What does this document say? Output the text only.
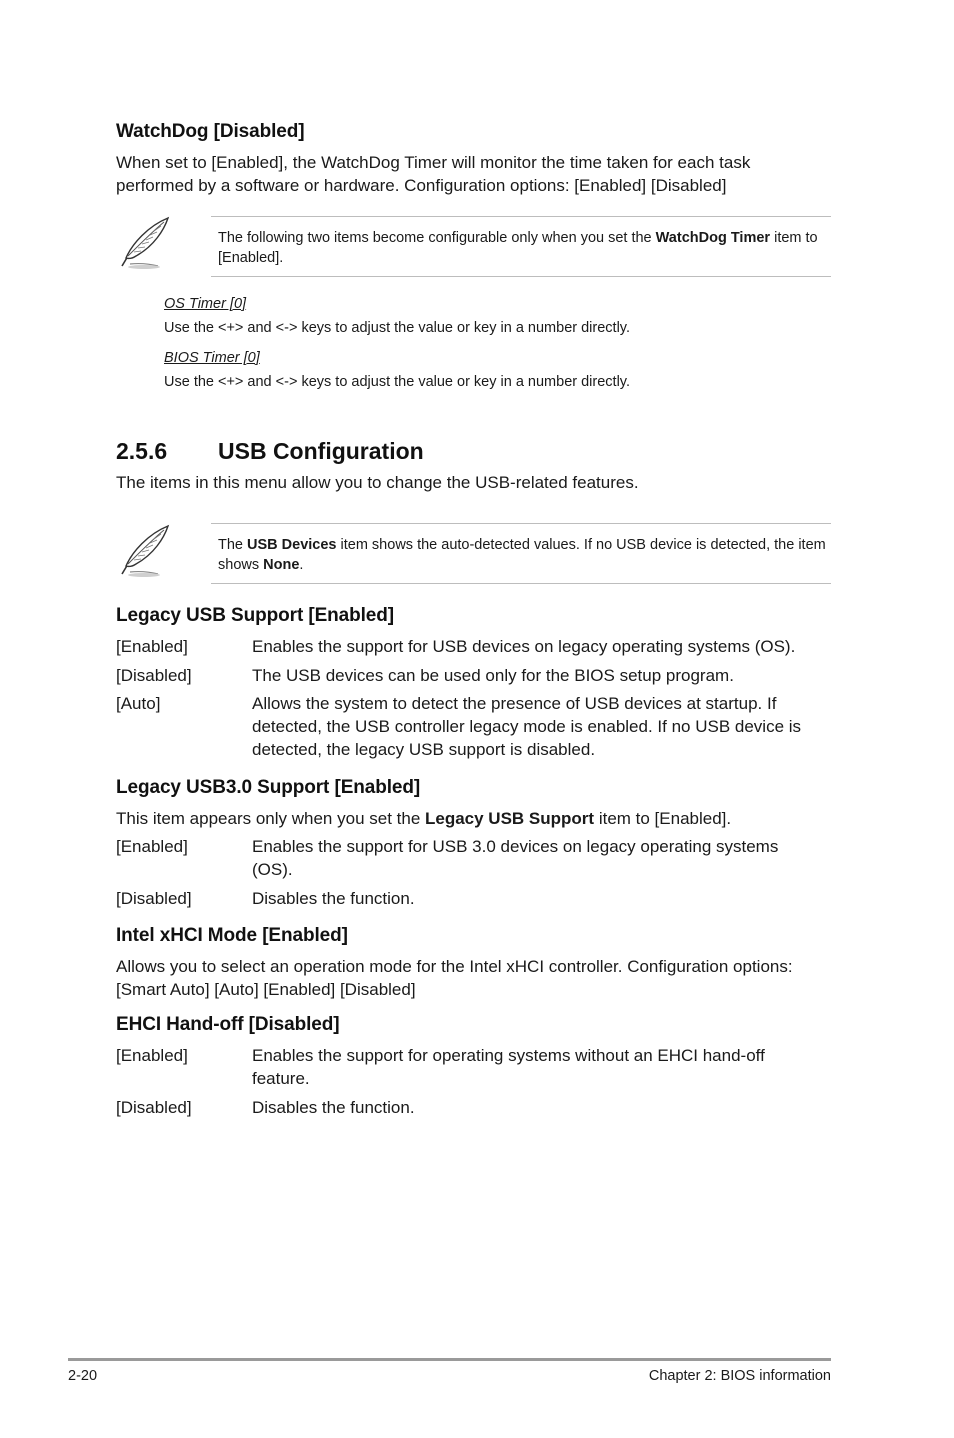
WatchDog [Disabled]
When set to [Enabled], the WatchDog Timer will monitor the time taken for each task performed by a software or hardware. Configuration options: [Enabled] [Disabled]
The following two items become configurable only when you set the WatchDog Timer item to [Enabled].
OS Timer [0]
Use the <+> and <-> keys to adjust the value or key in a number directly.
BIOS Timer [0]
Use the <+> and <-> keys to adjust the value or key in a number directly.
2.5.6 USB Configuration
The items in this menu allow you to change the USB-related features.
The USB Devices item shows the auto-detected values. If no USB device is detected, the item shows None.
Legacy USB Support [Enabled]
[Enabled]	Enables the support for USB devices on legacy operating systems (OS).
[Disabled]	The USB devices can be used only for the BIOS setup program.
[Auto]	Allows the system to detect the presence of USB devices at startup. If detected, the USB controller legacy mode is enabled. If no USB device is detected, the legacy USB support is disabled.
Legacy USB3.0 Support [Enabled]
This item appears only when you set the Legacy USB Support item to [Enabled].
[Enabled]	Enables the support for USB 3.0 devices on legacy operating systems (OS).
[Disabled]	Disables the function.
Intel xHCI Mode [Enabled]
Allows you to select an operation mode for the Intel xHCI controller. Configuration options: [Smart Auto] [Auto] [Enabled] [Disabled]
EHCI Hand-off [Disabled]
[Enabled]	Enables the support for operating systems without an EHCI hand-off feature.
[Disabled]	Disables the function.
2-20	Chapter 2: BIOS information
